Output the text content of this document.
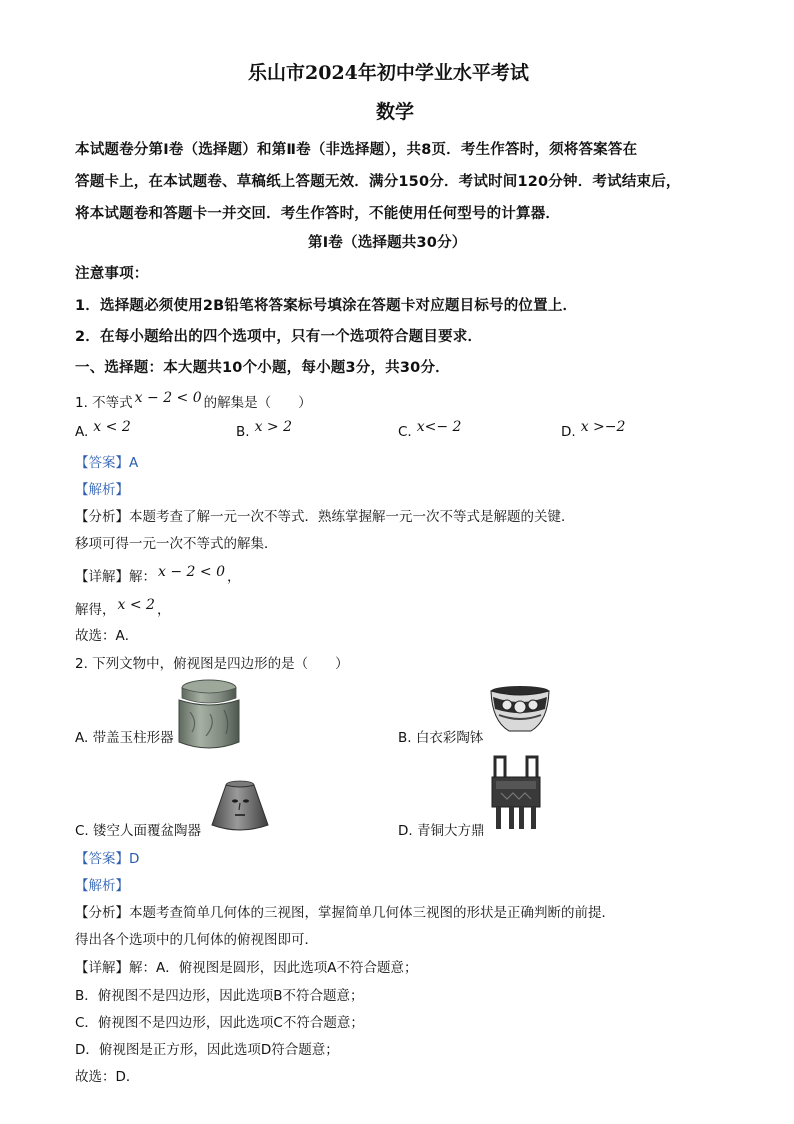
乐山市2024年初中学业水平考试
数学
本试题卷分第Ⅰ卷（选择题）和第Ⅱ卷（非选择题），共8页．考生作答时，须将答案答在
答题卡上，在本试题卷、草稿纸上答题无效．满分150分．考试时间120分钟．考试结束后，
将本试题卷和答题卡一并交回．考生作答时，不能使用任何型号的计算器．
第Ⅰ卷（选择题共30分）
注意事项：
1．选择题必须使用2B铅笔将答案标号填涂在答题卡对应题目标号的位置上．
2．在每小题给出的四个选项中，只有一个选项符合题目要求．
一、选择题：本大题共10个小题，每小题3分，共30分．
1. 不等式 x − 2 < 0 的解集是（　　）
A. x < 2	B. x > 2	C. x<− 2	D. x >−2
【答案】A
【解析】
【分析】本题考查了解一元一次不等式．熟练掌握解一元一次不等式是解题的关键．
移项可得一元一次不等式的解集．
【详解】解： x − 2 < 0 ，
解得， x < 2 ，
故选：A．
2. 下列文物中，俯视图是四边形的是（　　）
A. 带盖玉柱形器	B. 白衣彩陶钵
C. 镂空人面覆盆陶器	D. 青铜大方鼎
【答案】D
【解析】
【分析】本题考查简单几何体的三视图，掌握简单几何体三视图的形状是正确判断的前提．
得出各个选项中的几何体的俯视图即可．
【详解】解：A．俯视图是圆形，因此选项A不符合题意；
B．俯视图不是四边形，因此选项B不符合题意；
C．俯视图不是四边形，因此选项C不符合题意；
D．俯视图是正方形，因此选项D符合题意；
故选：D．
